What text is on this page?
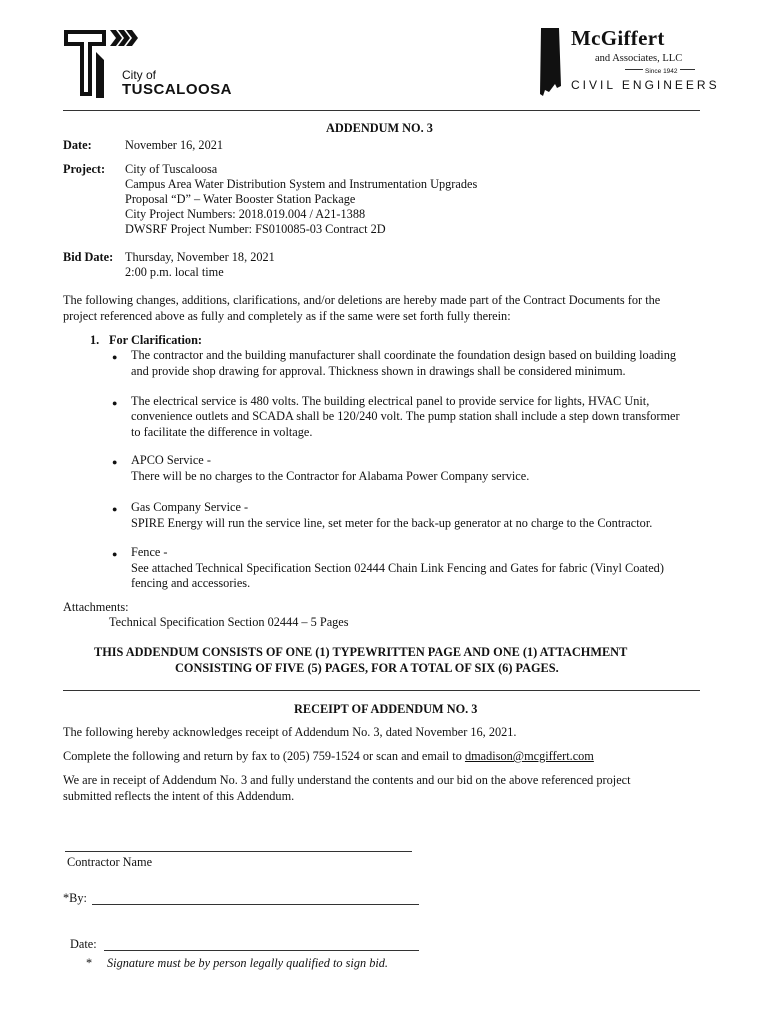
City of
TUSCALOOSA
McGiffert
and Associates, LLC
Since 1942
CIVIL ENGINEERS
ADDENDUM NO. 3
Date:	November 16, 2021
Project: City of Tuscaloosa
Campus Area Water Distribution System and Instrumentation Upgrades
Proposal “D” – Water Booster Station Package
City Project Numbers: 2018.019.004 / A21-1388
DWSRF Project Number: FS010085-03 Contract 2D
Bid Date: Thursday, November 18, 2021
2:00 p.m. local time
The following changes, additions, clarifications, and/or deletions are hereby made part of the Contract Documents for the
project referenced above as fully and completely as if the same were set forth fully therein:
1. For Clarification:
● The contractor and the building manufacturer shall coordinate the foundation design based on building loading
and provide shop drawing for approval. Thickness shown in drawings shall be considered minimum.
● The electrical service is 480 volts. The building electrical panel to provide service for lights, HVAC Unit,
convenience outlets and SCADA shall be 120/240 volt. The pump station shall include a step down transformer
to facilitate the difference in voltage.
● APCO Service -
There will be no charges to the Contractor for Alabama Power Company service.
● Gas Company Service -
SPIRE Energy will run the service line, set meter for the back-up generator at no charge to the Contractor.
● Fence -
See attached Technical Specification Section 02444 Chain Link Fencing and Gates for fabric (Vinyl Coated)
fencing and accessories.
Attachments:
Technical Specification Section 02444 – 5 Pages
THIS ADDENDUM CONSISTS OF ONE (1) TYPEWRITTEN PAGE AND ONE (1) ATTACHMENT
CONSISTING OF FIVE (5) PAGES, FOR A TOTAL OF SIX (6) PAGES.
RECEIPT OF ADDENDUM NO. 3
The following hereby acknowledges receipt of Addendum No. 3, dated November 16, 2021.
Complete the following and return by fax to (205) 759-1524 or scan and email to dmadison@mcgiffert.com
We are in receipt of Addendum No. 3 and fully understand the contents and our bid on the above referenced project
submitted reflects the intent of this Addendum.
Contractor Name
*By:
Date:
* Signature must be by person legally qualified to sign bid.
